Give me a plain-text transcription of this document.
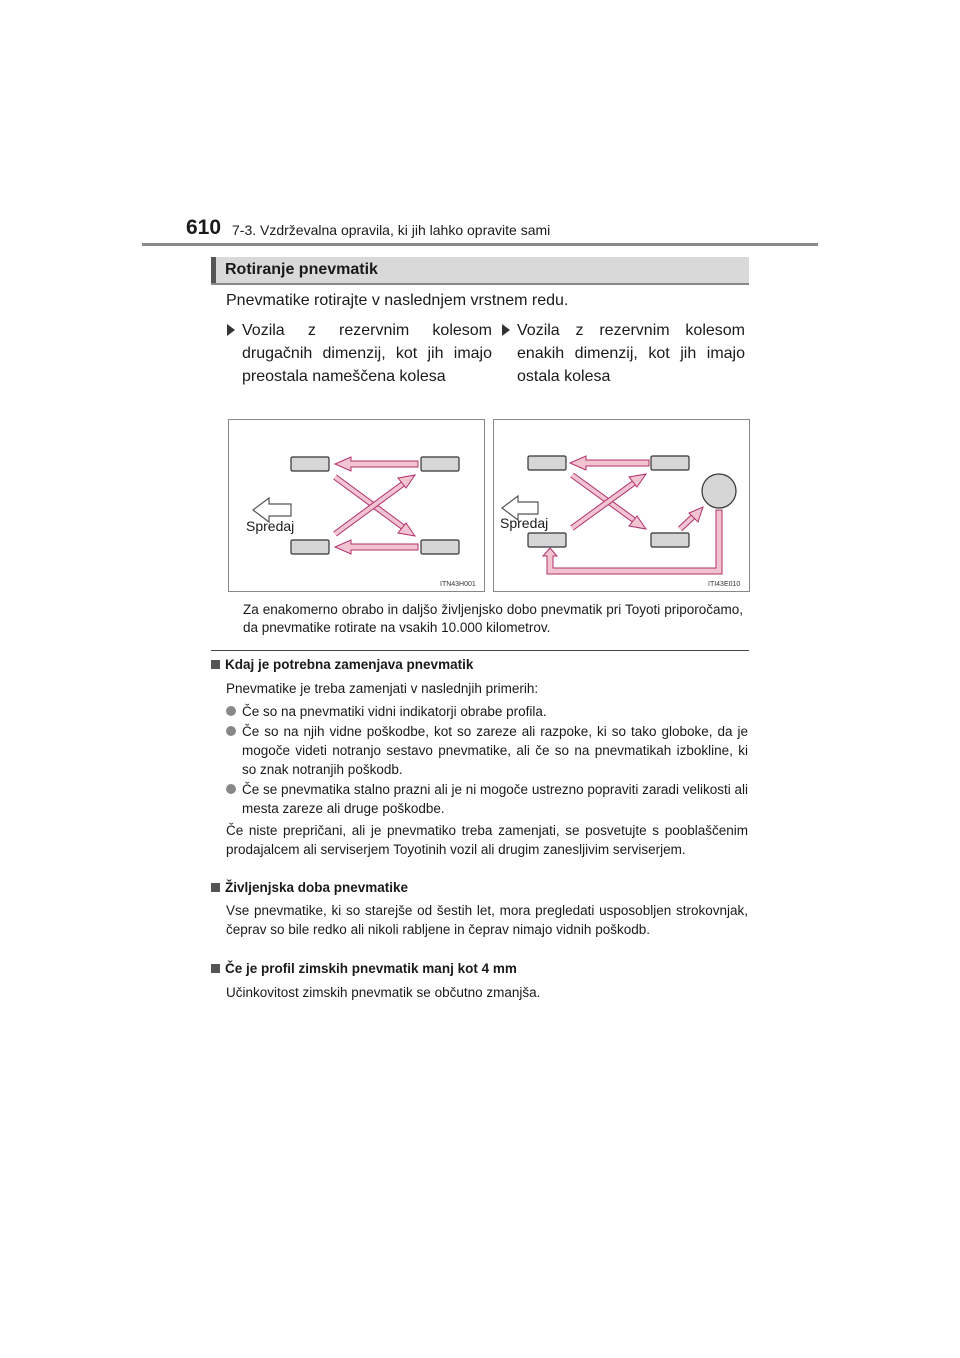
610 7-3. Vzdrževalna opravila, ki jih lahko opravite sami
Rotiranje pnevmatik
Pnevmatike rotirajte v naslednjem vrstnem redu.
Vozila z rezervnim kolesom drugačnih dimenzij, kot jih imajo preostala nameščena kolesa
Vozila z rezervnim kolesom enakih dimenzij, kot jih imajo ostala kolesa
Spredaj
ITN43H001
Spredaj
ITI43E010
Za enakomerno obrabo in daljšo življenjsko dobo pnevmatik pri Toyoti priporočamo, da pnevmatike rotirate na vsakih 10.000 kilometrov.
Kdaj je potrebna zamenjava pnevmatik
Pnevmatike je treba zamenjati v naslednjih primerih:
Če so na pnevmatiki vidni indikatorji obrabe profila.
Če so na njih vidne poškodbe, kot so zareze ali razpoke, ki so tako globoke, da je mogoče videti notranjo sestavo pnevmatike, ali če so na pnevmatikah izbokline, ki so znak notranjih poškodb.
Če se pnevmatika stalno prazni ali je ni mogoče ustrezno popraviti zaradi velikosti ali mesta zareze ali druge poškodbe.
Če niste prepričani, ali je pnevmatiko treba zamenjati, se posvetujte s pooblaščenim prodajalcem ali serviserjem Toyotinih vozil ali drugim zanesljivim serviserjem.
Življenjska doba pnevmatike
Vse pnevmatike, ki so starejše od šestih let, mora pregledati usposobljen strokovnjak, čeprav so bile redko ali nikoli rabljene in čeprav nimajo vidnih poškodb.
Če je profil zimskih pnevmatik manj kot 4 mm
Učinkovitost zimskih pnevmatik se občutno zmanjša.
